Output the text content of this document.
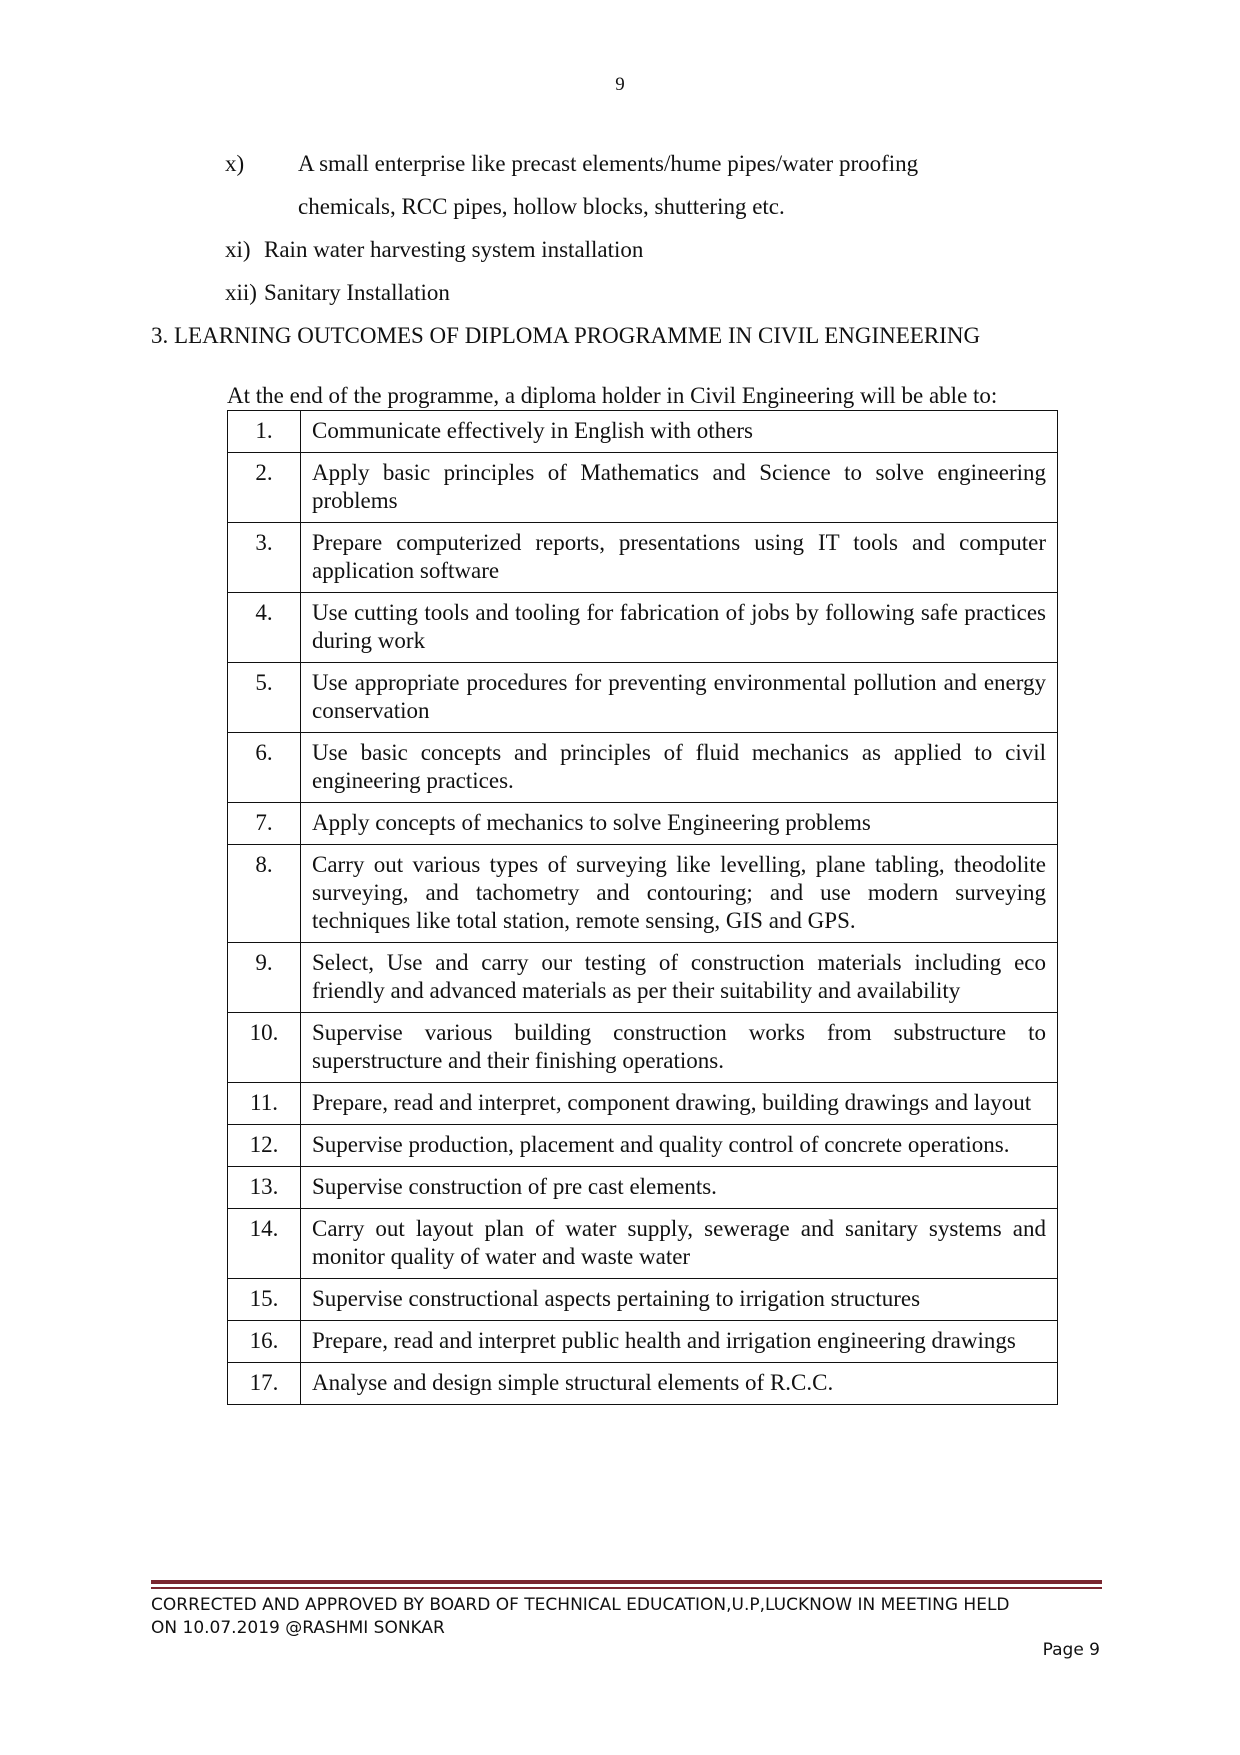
9
x) A small enterprise like precast elements/hume pipes/water proofing
chemicals, RCC pipes, hollow blocks, shuttering etc.
xi) Rain water harvesting system installation
xii) Sanitary Installation
3. LEARNING OUTCOMES OF DIPLOMA PROGRAMME IN CIVIL ENGINEERING
At the end of the programme, a diploma holder in Civil Engineering will be able to:
1.	Communicate effectively in English with others
2.	Apply basic principles of Mathematics and Science to solve engineering problems
3.	Prepare computerized reports, presentations using IT tools and computer application software
4.	Use cutting tools and tooling for fabrication of jobs by following safe practices during work
5.	Use appropriate procedures for preventing environmental pollution and energy conservation
6.	Use basic concepts and principles of fluid mechanics as applied to civil engineering practices.
7.	Apply concepts of mechanics to solve Engineering problems
8.	Carry out various types of surveying like levelling, plane tabling, theodolite surveying, and tachometry and contouring; and use modern surveying techniques like total station, remote sensing, GIS and GPS.
9.	Select, Use and carry our testing of construction materials including eco friendly and advanced materials as per their suitability and availability
10.	Supervise various building construction works from substructure to superstructure and their finishing operations.
11.	Prepare, read and interpret, component drawing, building drawings and layout
12.	Supervise production, placement and quality control of concrete operations.
13.	Supervise construction of pre cast elements.
14.	Carry out layout plan of water supply, sewerage and sanitary systems and monitor quality of water and waste water
15.	Supervise constructional aspects pertaining to irrigation structures
16.	Prepare, read and interpret public health and irrigation engineering drawings
17.	Analyse and design simple structural elements of R.C.C.
CORRECTED AND APPROVED BY BOARD OF TECHNICAL EDUCATION,U.P,LUCKNOW IN MEETING HELD
ON 10.07.2019 @RASHMI SONKAR
Page 9
